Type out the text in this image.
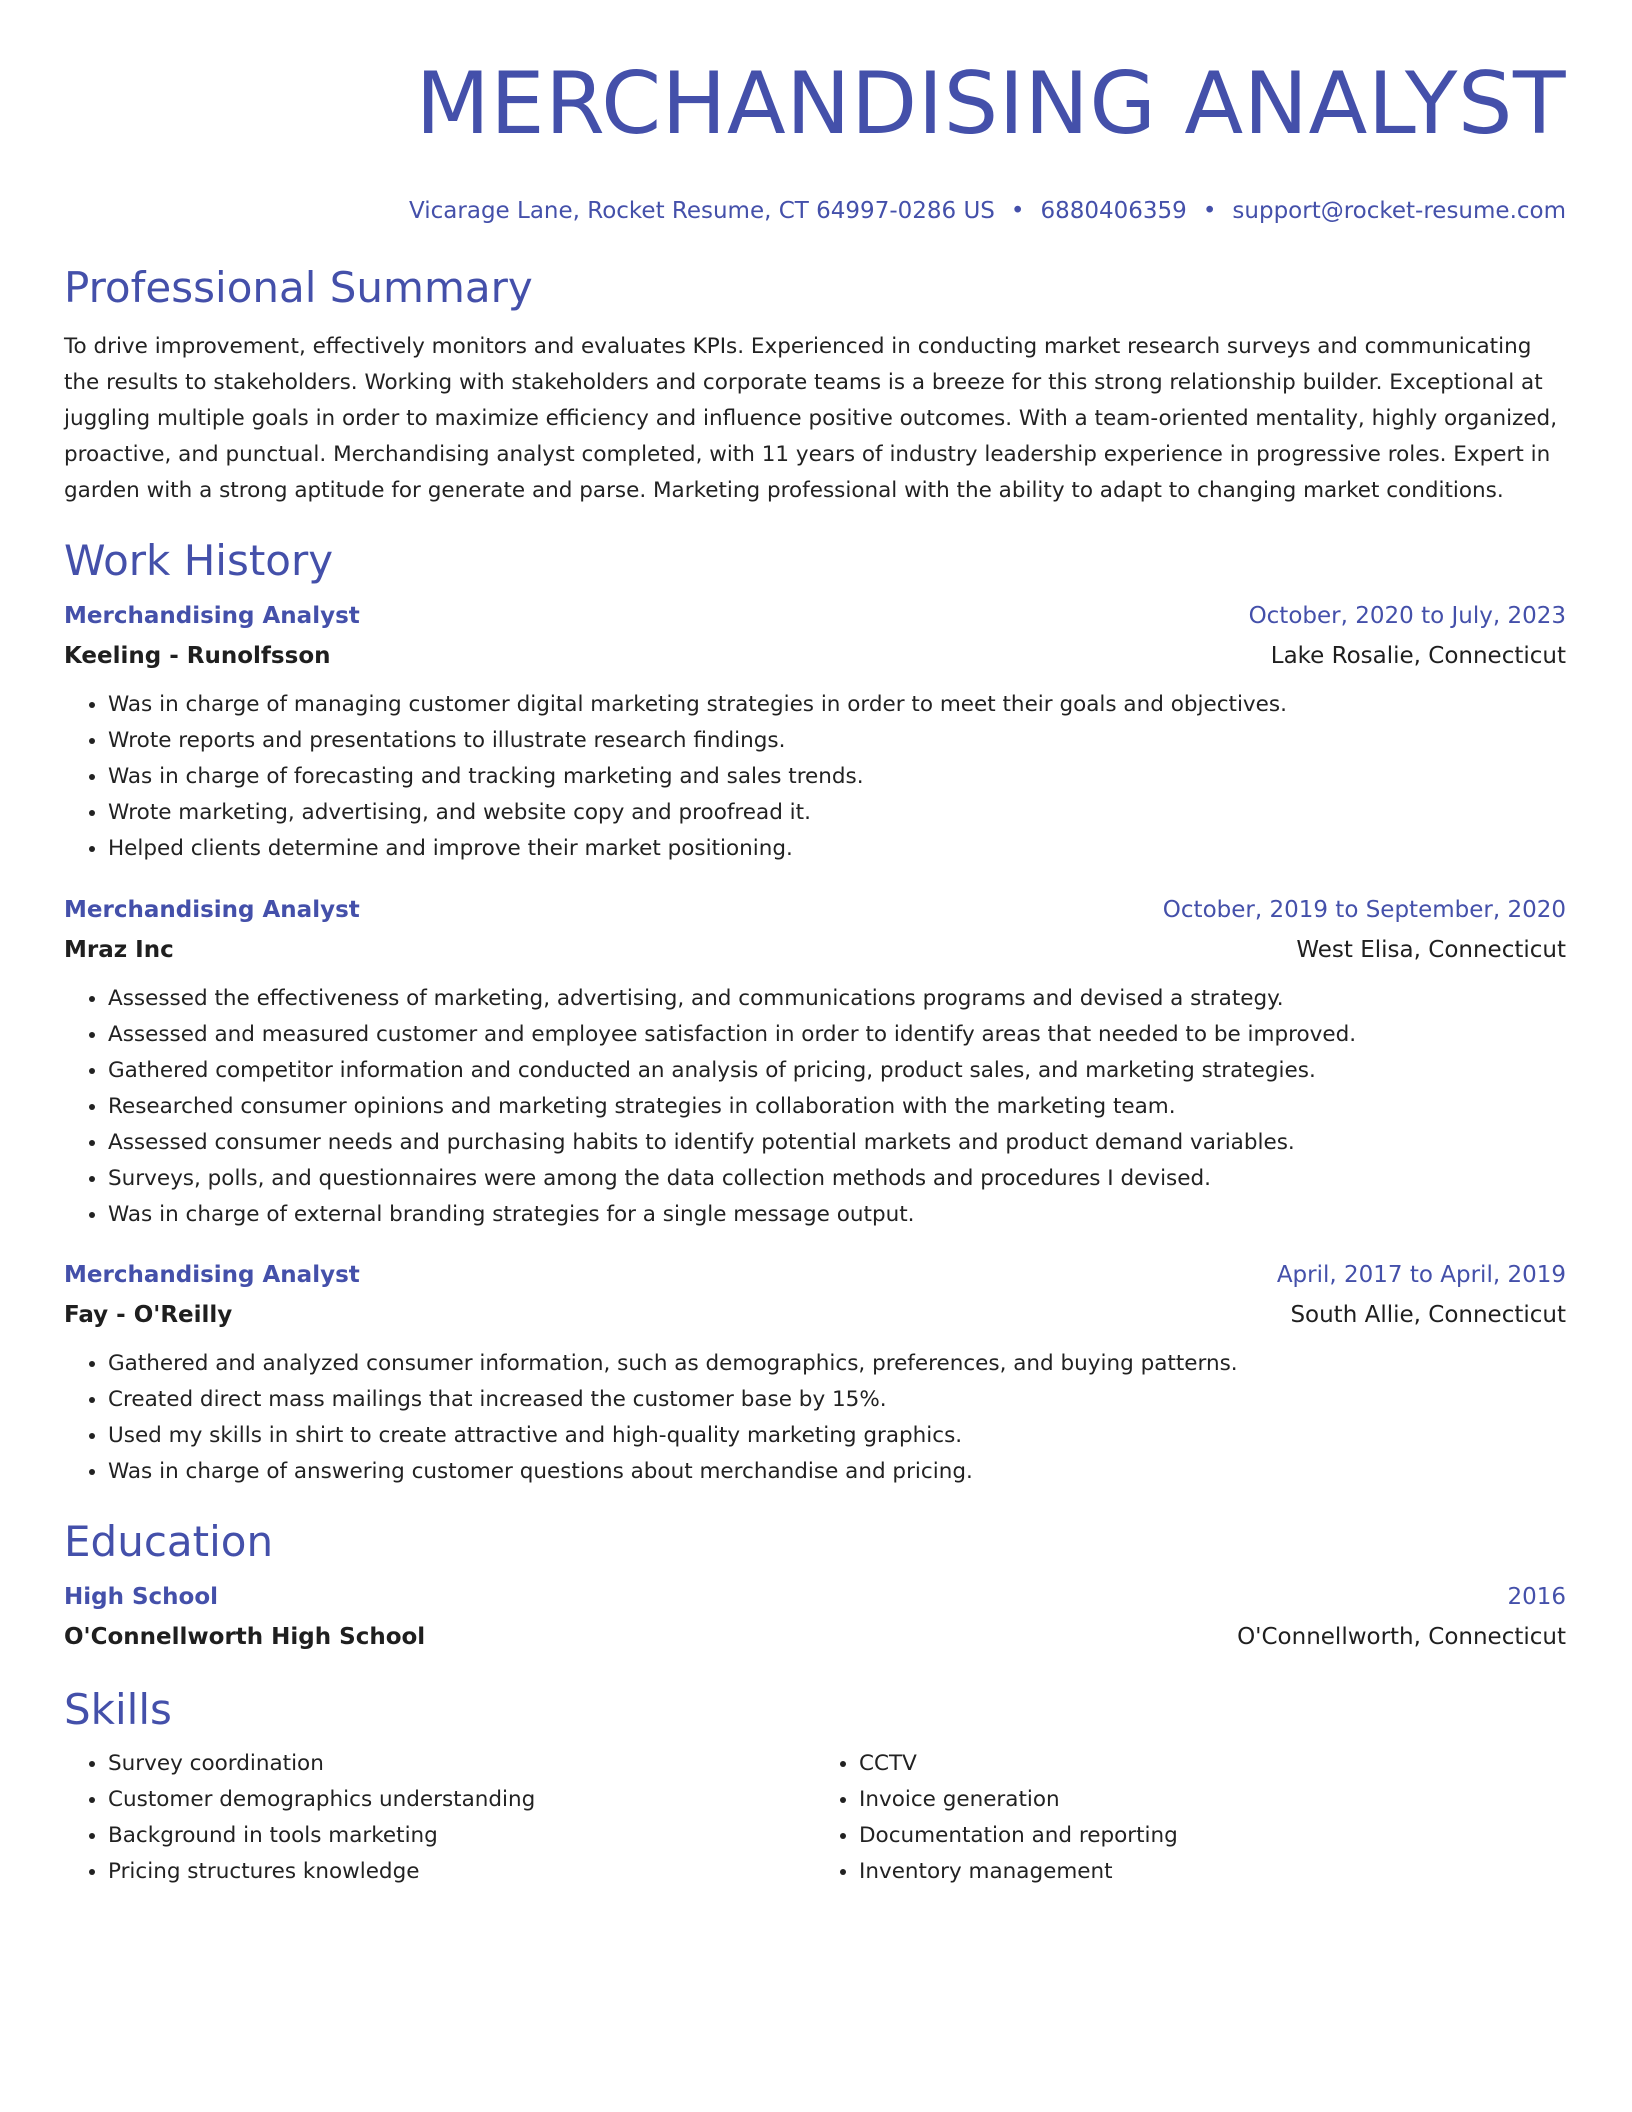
MERCHANDISING ANALYST
Vicarage Lane, Rocket Resume, CT 64997-0286 US • 6880406359 • support@rocket-resume.com
Professional Summary
To drive improvement, effectively monitors and evaluates KPIs. Experienced in conducting market research surveys and communicating the results to stakeholders. Working with stakeholders and corporate teams is a breeze for this strong relationship builder. Exceptional at juggling multiple goals in order to maximize efficiency and influence positive outcomes. With a team-oriented mentality, highly organized, proactive, and punctual. Merchandising analyst completed, with 11 years of industry leadership experience in progressive roles. Expert in garden with a strong aptitude for generate and parse. Marketing professional with the ability to adapt to changing market conditions.
Work History
Merchandising Analyst	October, 2020 to July, 2023
Keeling - Runolfsson	Lake Rosalie, Connecticut
• Was in charge of managing customer digital marketing strategies in order to meet their goals and objectives.
• Wrote reports and presentations to illustrate research findings.
• Was in charge of forecasting and tracking marketing and sales trends.
• Wrote marketing, advertising, and website copy and proofread it.
• Helped clients determine and improve their market positioning.
Merchandising Analyst	October, 2019 to September, 2020
Mraz Inc	West Elisa, Connecticut
• Assessed the effectiveness of marketing, advertising, and communications programs and devised a strategy.
• Assessed and measured customer and employee satisfaction in order to identify areas that needed to be improved.
• Gathered competitor information and conducted an analysis of pricing, product sales, and marketing strategies.
• Researched consumer opinions and marketing strategies in collaboration with the marketing team.
• Assessed consumer needs and purchasing habits to identify potential markets and product demand variables.
• Surveys, polls, and questionnaires were among the data collection methods and procedures I devised.
• Was in charge of external branding strategies for a single message output.
Merchandising Analyst	April, 2017 to April, 2019
Fay - O'Reilly	South Allie, Connecticut
• Gathered and analyzed consumer information, such as demographics, preferences, and buying patterns.
• Created direct mass mailings that increased the customer base by 15%.
• Used my skills in shirt to create attractive and high-quality marketing graphics.
• Was in charge of answering customer questions about merchandise and pricing.
Education
High School	2016
O'Connellworth High School	O'Connellworth, Connecticut
Skills
• Survey coordination
• Customer demographics understanding
• Background in tools marketing
• Pricing structures knowledge
• CCTV
• Invoice generation
• Documentation and reporting
• Inventory management
